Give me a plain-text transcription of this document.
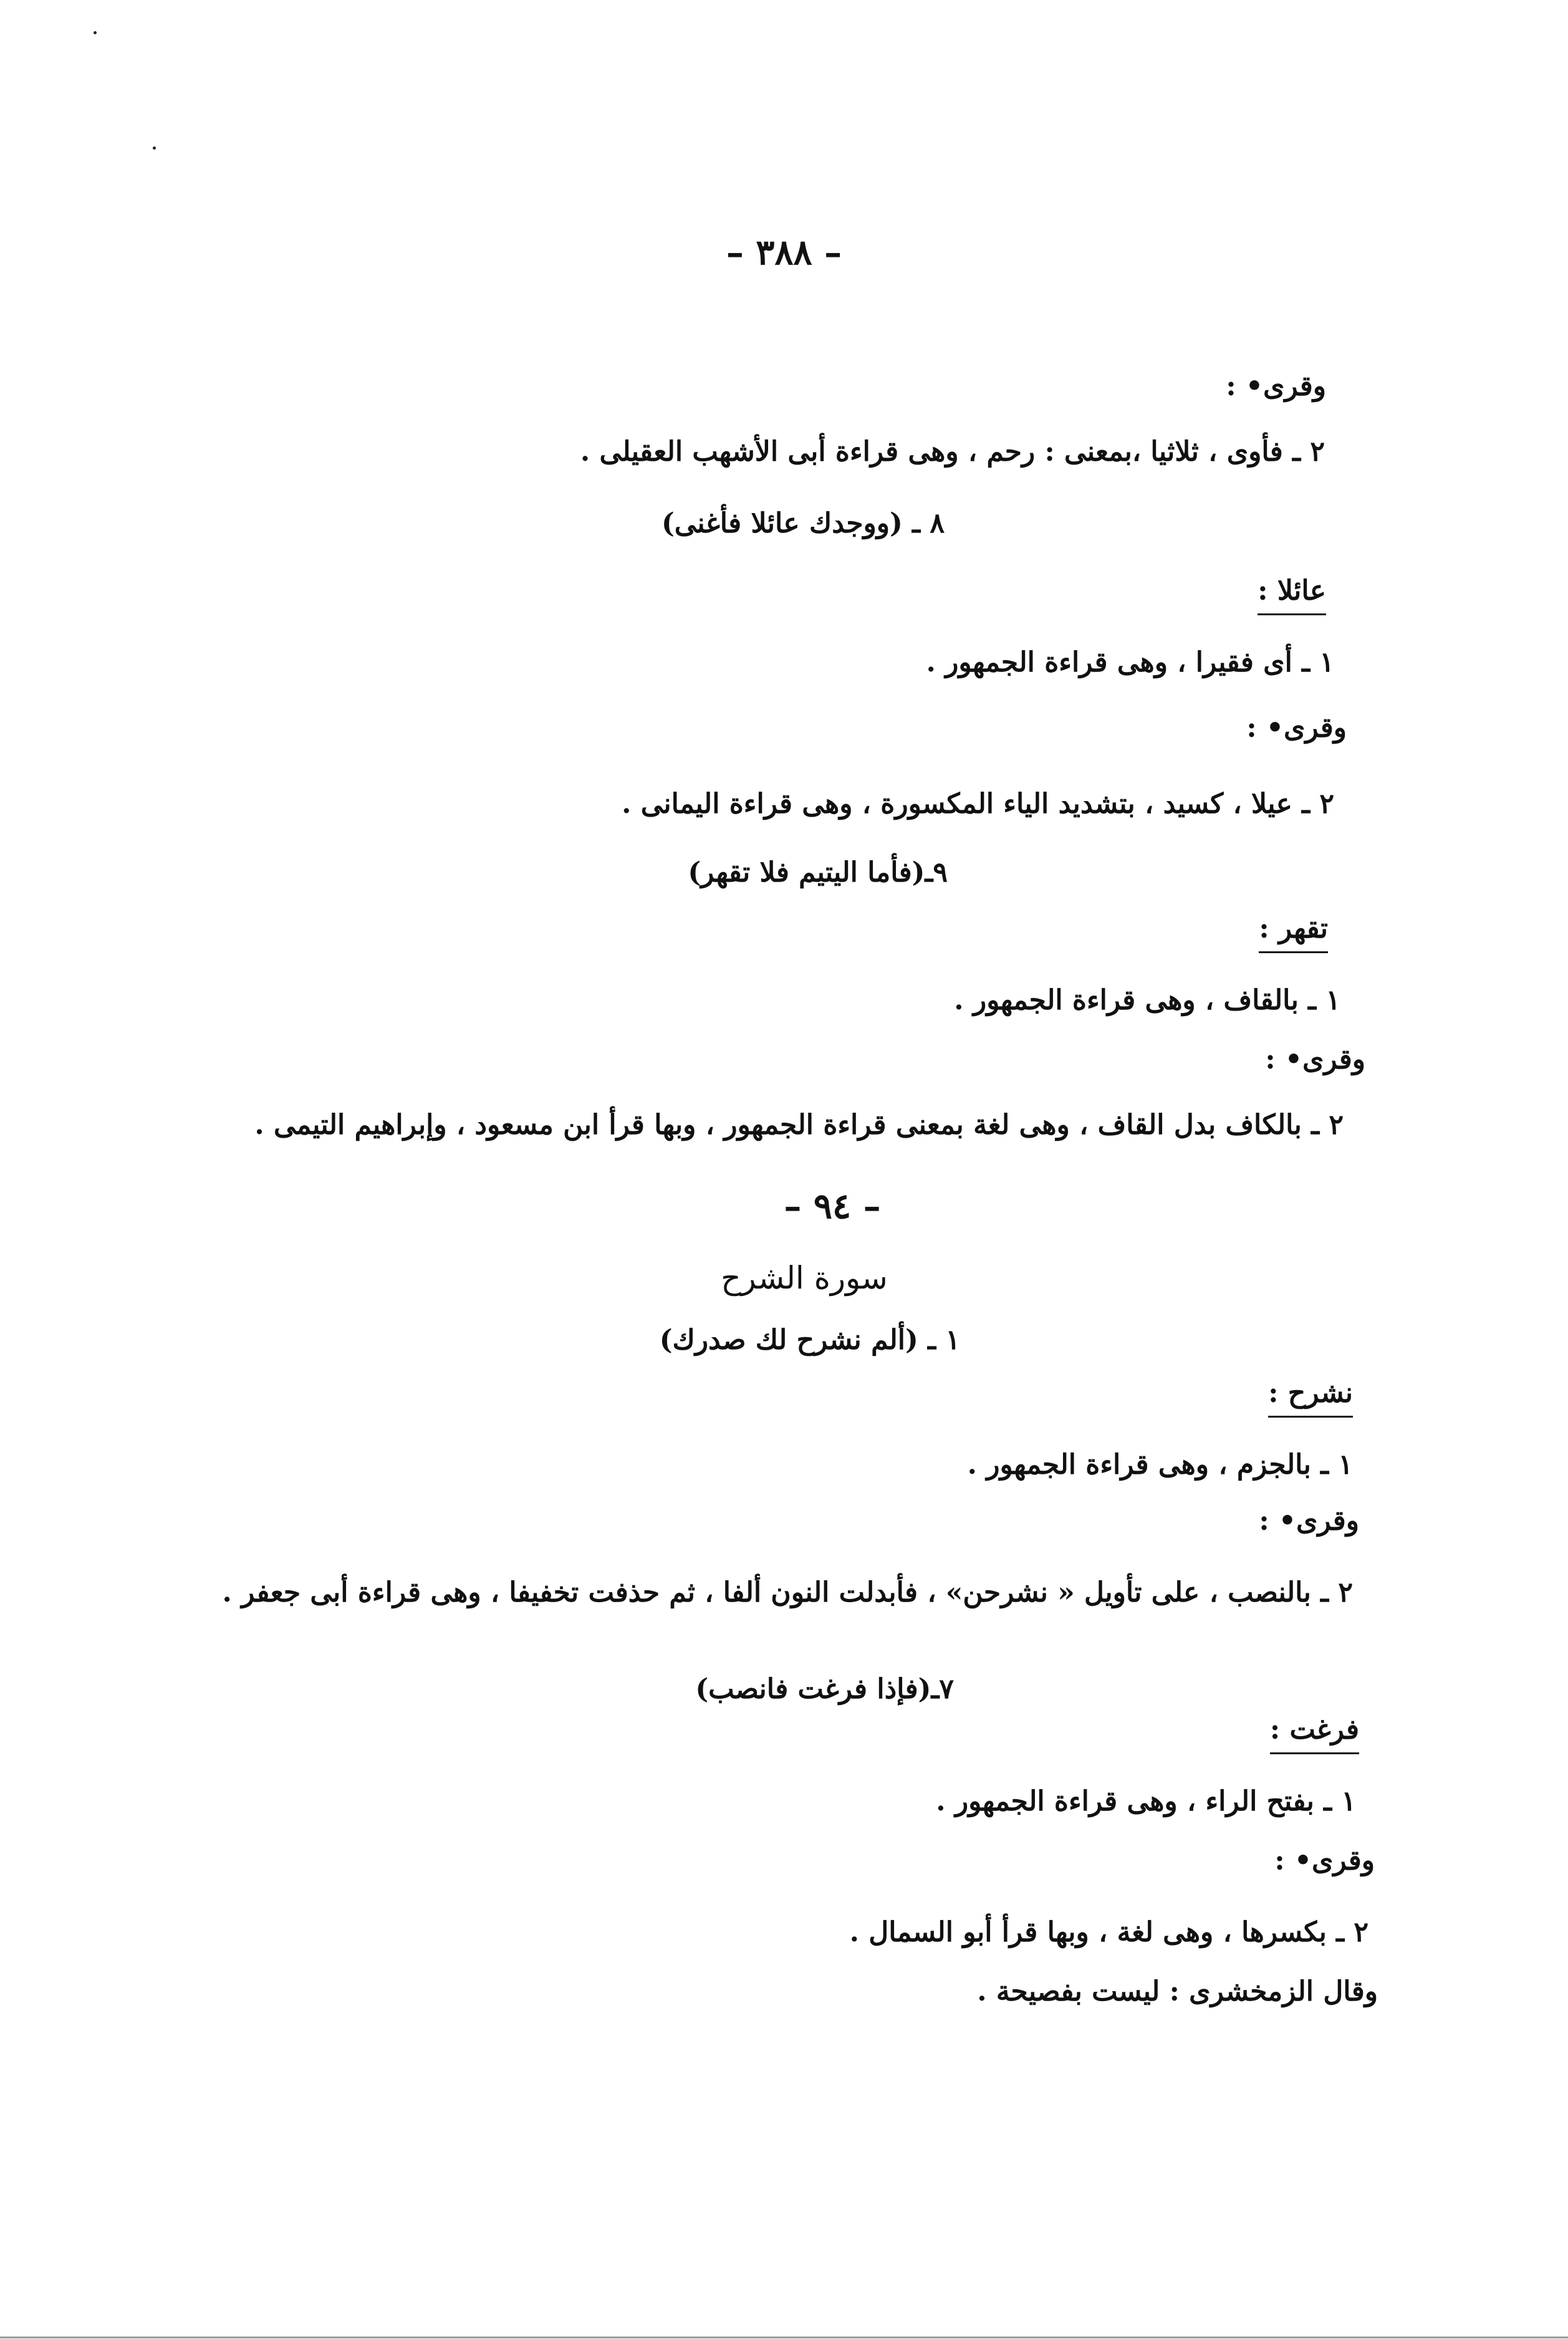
– ٣٨٨ –
وقرى• :
٢ ـ فأوى ، ثلاثيا ،بمعنى : رحم ، وهى قراءة أبى الأشهب العقيلى .
٨ ـ (ووجدك عائلا فأغنى)
عائلا :
١ ـ أى فقيرا ، وهى قراءة الجمهور .
وقرى• :
٢ ـ عيلا ، كسيد ، بتشديد الياء المكسورة ، وهى قراءة اليمانى .
٩ـ(فأما اليتيم فلا تقهر)
تقهر :
١ ـ بالقاف ، وهى قراءة الجمهور .
وقرى• :
٢ ـ بالكاف بدل القاف ، وهى لغة بمعنى قراءة الجمهور ، وبها قرأ ابن مسعود ، وإبراهيم التيمى .
– ٩٤ –
سورة الشرح
١ ـ (ألم نشرح لك صدرك)
نشرح :
١ ـ بالجزم ، وهى قراءة الجمهور .
وقرى• :
٢ ـ بالنصب ، على تأويل « نشرحن» ، فأبدلت النون ألفا ، ثم حذفت تخفيفا ، وهى قراءة أبى جعفر .
٧ـ(فإذا فرغت فانصب)
فرغت :
١ ـ بفتح الراء ، وهى قراءة الجمهور .
وقرى• :
٢ ـ بكسرها ، وهى لغة ، وبها قرأ أبو السمال .
وقال الزمخشرى : ليست بفصيحة .
